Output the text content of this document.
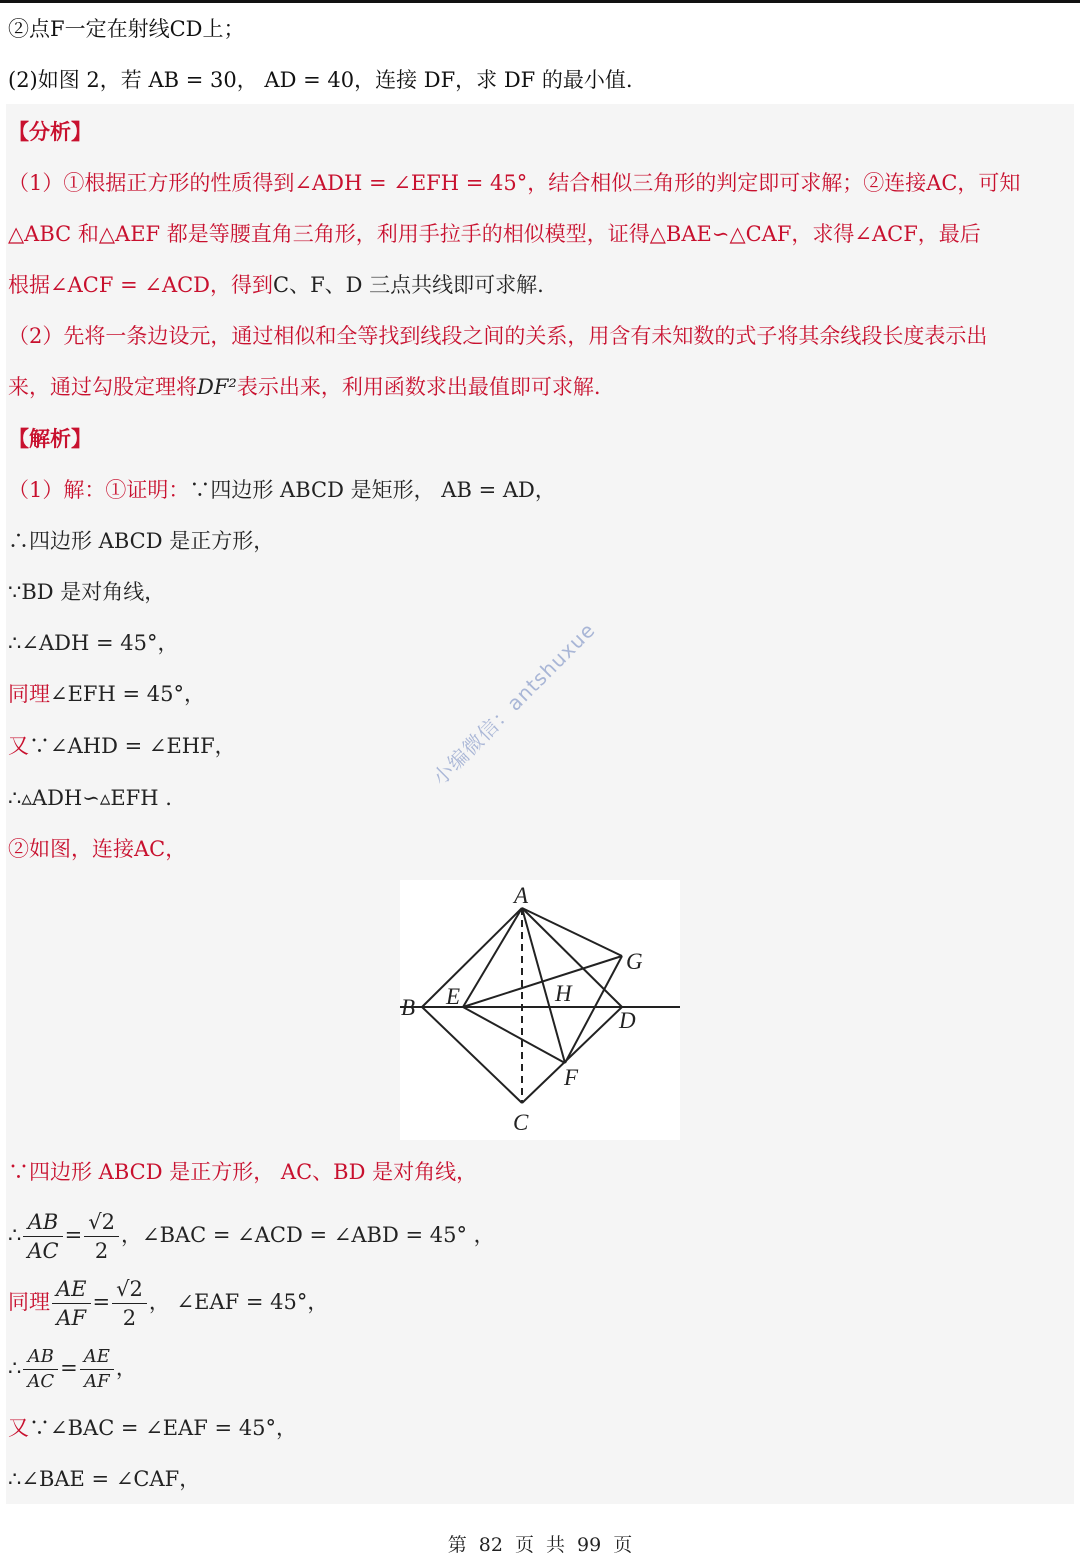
②点F一定在射线CD上；
(2)如图 2，若 AB = 30， AD = 40，连接 DF，求 DF 的最小值.
【分析】
（1）①根据正方形的性质得到∠ADH = ∠EFH = 45°，结合相似三角形的判定即可求解；②连接AC，可知
△ABC 和△AEF 都是等腰直角三角形，利用手拉手的相似模型，证得△BAE∽△CAF，求得∠ACF，最后
根据∠ACF = ∠ACD，得到C、F、D 三点共线即可求解.
（2）先将一条边设元，通过相似和全等找到线段之间的关系，用含有未知数的式子将其余线段长度表示出
来，通过勾股定理将DF²表示出来，利用函数求出最值即可求解.
【解析】
（1）解：①证明：∵四边形 ABCD 是矩形， AB = AD，
∴四边形 ABCD 是正方形，
∵BD 是对角线，
∴∠ADH = 45°，
同理∠EFH = 45°，
又∵∠AHD = ∠EHF，
∴▵ADH∽▵EFH .
②如图，连接AC，
A
B
C
D
E
F
G
H
小编微信：antshuxue
∵四边形 ABCD 是正方形， AC、BD 是对角线，
∴ $\frac{AB}{AC} = \frac{√2}{2}$ ，∠BAC = ∠ACD = ∠ABD = 45° ，
同理 $\frac{AE}{AF} = \frac{√2}{2}$ ， ∠EAF = 45°，
∴ $\frac{AB}{AC} = \frac{AE}{AF}$ ，
又∵∠BAC = ∠EAF = 45°，
∴∠BAE = ∠CAF，
第 82 页 共 99 页
